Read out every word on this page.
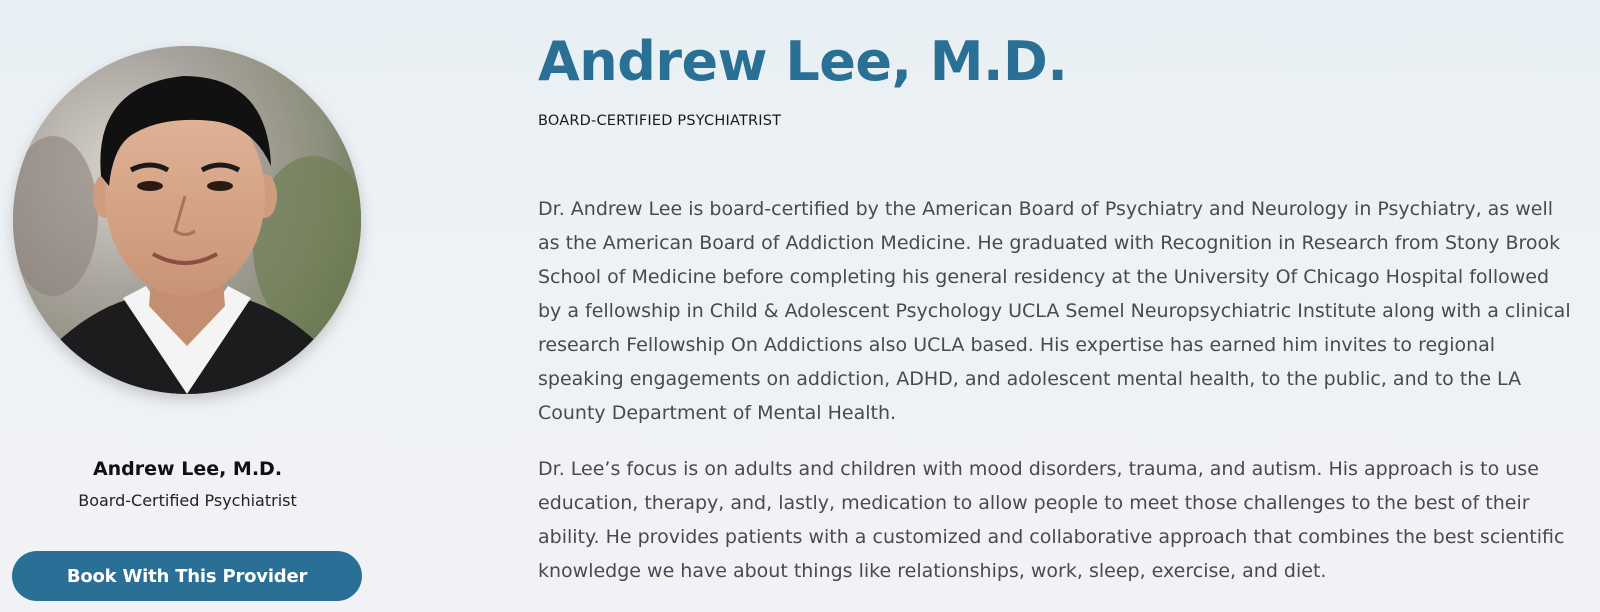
Andrew Lee, M.D.
Board-Certified Psychiatrist
Book With This Provider
Andrew Lee, M.D.
BOARD-CERTIFIED PSYCHIATRIST

Dr. Andrew Lee is board-certified by the American Board of Psychiatry and Neurology in Psychiatry, as well as the American Board of Addiction Medicine. He graduated with Recognition in Research from Stony Brook School of Medicine before completing his general residency at the University Of Chicago Hospital followed by a fellowship in Child & Adolescent Psychology UCLA Semel Neuropsychiatric Institute along with a clinical research Fellowship On Addictions also UCLA based. His expertise has earned him invites to regional speaking engagements on addiction, ADHD, and adolescent mental health, to the public, and to the LA County Department of Mental Health.

Dr. Lee’s focus is on adults and children with mood disorders, trauma, and autism. His approach is to use education, therapy, and, lastly, medication to allow people to meet those challenges to the best of their ability. He provides patients with a customized and collaborative approach that combines the best scientific knowledge we have about things like relationships, work, sleep, exercise, and diet.
